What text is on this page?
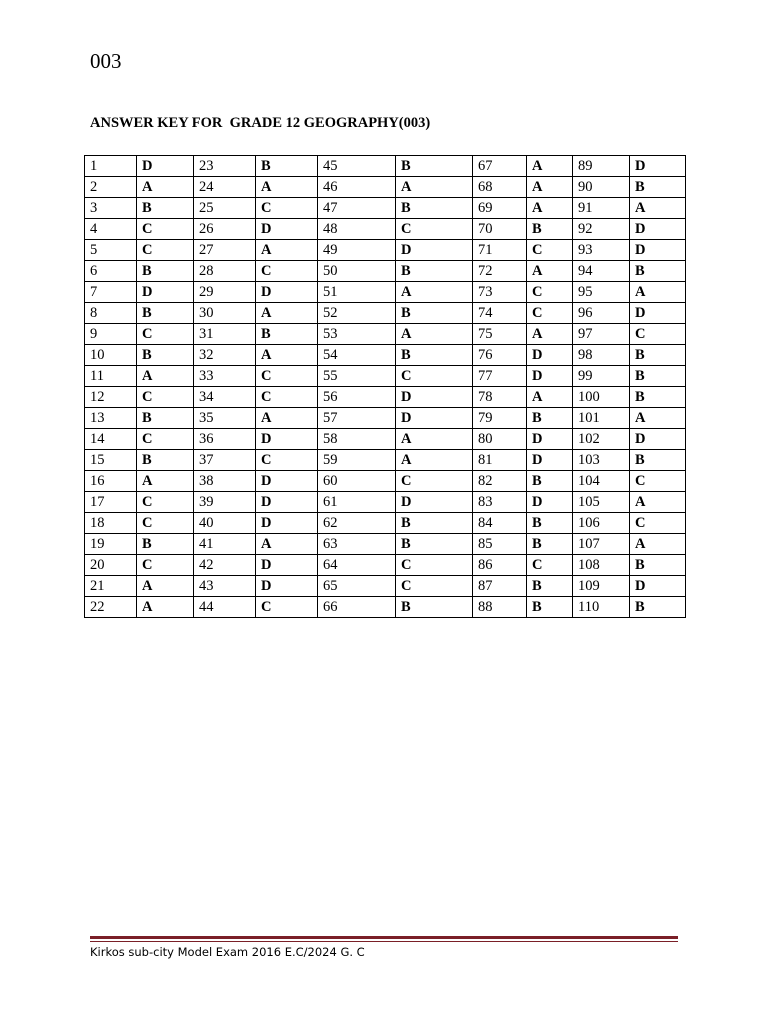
003
ANSWER KEY FOR  GRADE 12 GEOGRAPHY(003)
1	D	23	B	45	B	67	A	89	D
2	A	24	A	46	A	68	A	90	B
3	B	25	C	47	B	69	A	91	A
4	C	26	D	48	C	70	B	92	D
5	C	27	A	49	D	71	C	93	D
6	B	28	C	50	B	72	A	94	B
7	D	29	D	51	A	73	C	95	A
8	B	30	A	52	B	74	C	96	D
9	C	31	B	53	A	75	A	97	C
10	B	32	A	54	B	76	D	98	B
11	A	33	C	55	C	77	D	99	B
12	C	34	C	56	D	78	A	100	B
13	B	35	A	57	D	79	B	101	A
14	C	36	D	58	A	80	D	102	D
15	B	37	C	59	A	81	D	103	B
16	A	38	D	60	C	82	B	104	C
17	C	39	D	61	D	83	D	105	A
18	C	40	D	62	B	84	B	106	C
19	B	41	A	63	B	85	B	107	A
20	C	42	D	64	C	86	C	108	B
21	A	43	D	65	C	87	B	109	D
22	A	44	C	66	B	88	B	110	B
Kirkos sub-city Model Exam 2016 E.C/2024 G. C
